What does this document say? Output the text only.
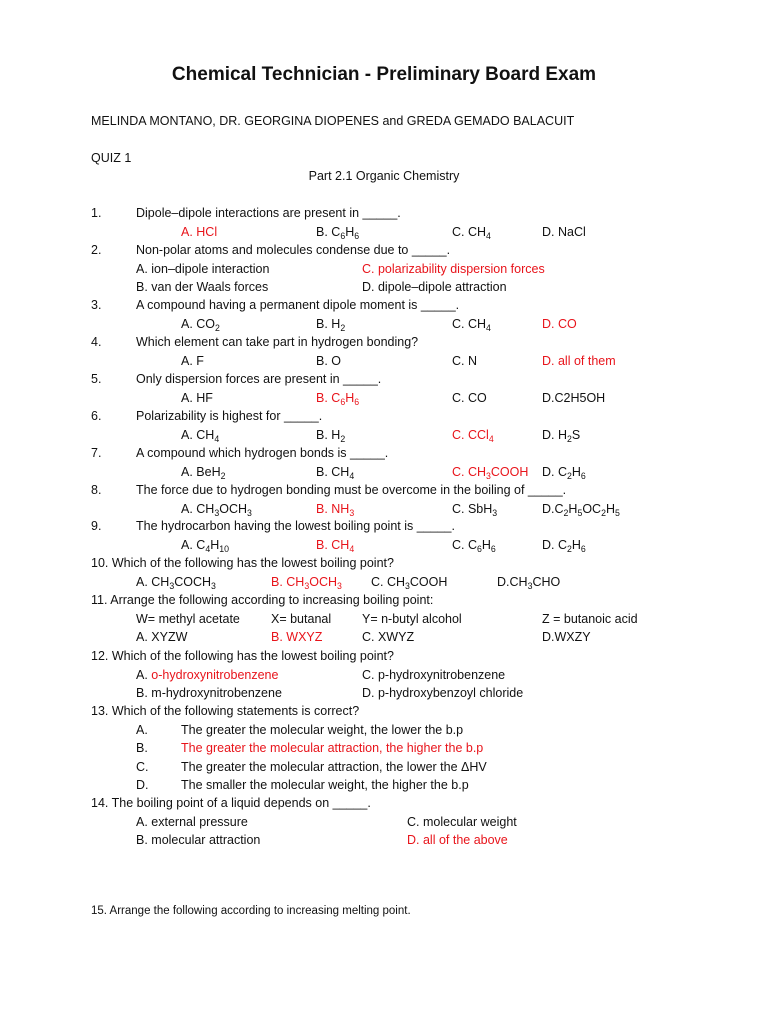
Chemical Technician - Preliminary Board Exam
MELINDA MONTANO, DR. GEORGINA DIOPENES and GREDA GEMADO BALACUIT
QUIZ 1
Part 2.1 Organic Chemistry
1.	Dipole–dipole interactions are present in _____.
A. HCl	B. $C_6H_6$	C. $CH_4$	D. NaCl
2.	Non-polar atoms and molecules condense due to _____.
A. ion–dipole interaction	C. polarizability dispersion forces
B. van der Waals forces	D. dipole–dipole attraction
3.	A compound having a permanent dipole moment is _____.
A. $CO_2$	B. $H_2$	C. $CH_4$	D. CO
4.	Which element can take part in hydrogen bonding?
A. F	B. O	C. N	D. all of them
5.	Only dispersion forces are present in _____.
A. HF	B. $C_6H_6$	C. CO	D.C2H5OH
6.	Polarizability is highest for _____.
A. $CH_4$	B. $H_2$	C. CCl$_4$	D. $H_2S$
7.	A compound which hydrogen bonds is _____.
A. BeH$_2$	B. $CH_4$	C. $CH_3COOH$ D. $C_2H_6$
8.	The force due to hydrogen bonding must be overcome in the boiling of _____.
A. $CH_3OCH_3$	B. $NH_3$	C. SbH$_3$	$D.C_2H_5OC_2H_5$
9.	The hydrocarbon having the lowest boiling point is _____.
A. $C_4H_{10}$	B. $CH_4$	C. $C_6H_6$	D. $C_2H_6$
10. Which of the following has the lowest boiling point?
A. $CH_3COCH_3$	B. $CH_3OCH_3$ C. $CH_3COOH$	$D.CH_3CHO$
11. Arrange the following according to increasing boiling point:
W= methyl acetate X= butanal Y= n-butyl alcohol	Z = butanoic acid
A. XYZW	B. WXYZ	C. XWYZ	D.WXZY
12. Which of the following has the lowest boiling point?
A. o-hydroxynitrobenzene	C. p-hydroxynitrobenzene
B. m-hydroxynitrobenzene	D. p-hydroxybenzoyl chloride
13. Which of the following statements is correct?
A.	The greater the molecular weight, the lower the b.p
B.	The greater the molecular attraction, the higher the b.p
C.	The greater the molecular attraction, the lower the ΔHV
D.	The smaller the molecular weight, the higher the b.p
14. The boiling point of a liquid depends on _____.
A. external pressure	C. molecular weight
B. molecular attraction	D. all of the above
15. Arrange the following according to increasing melting point.
